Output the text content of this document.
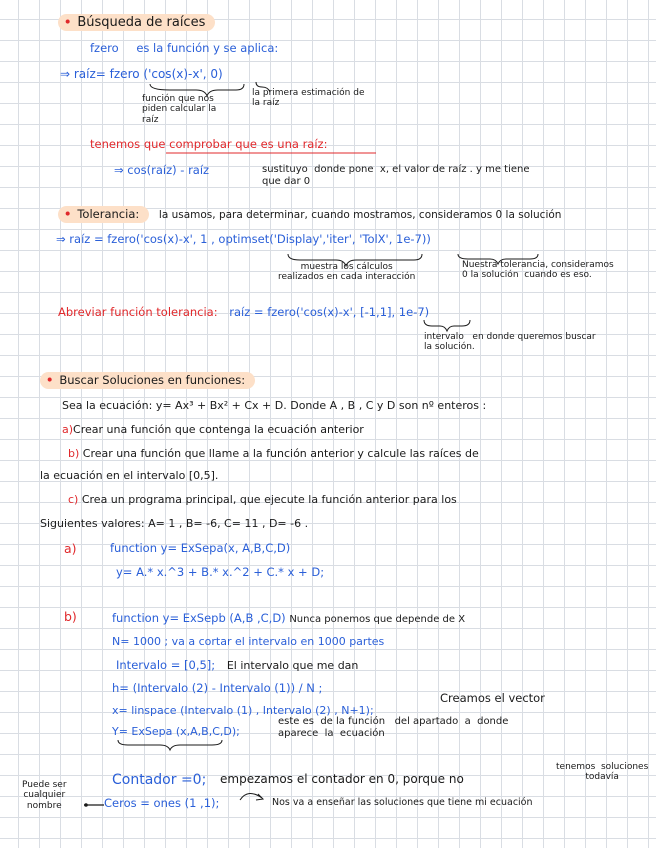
• Búsqueda de raíces
fzero es la función y se aplica:
⇒ raíz= fzero ('cos(x)-x', 0)
función que nos
piden calcular la
raíz
la primera estimación de
la raíz
tenemos que comprobar que es una raíz:
⇒ cos(raíz) - raíz	sustituyo  donde pone  x, el valor de raíz . y me tiene
que dar 0
• Tolerancia: la usamos, para determinar, cuando mostramos, consideramos 0 la solución
⇒ raíz = fzero('cos(x)-x', 1 , optimset('Display','iter', 'TolX', 1e-7))
muestra los cálculos
realizados en cada interacción
Nuestra tolerancia, consideramos
0 la solución  cuando es eso.
Abreviar función tolerancia: raíz = fzero('cos(x)-x', [-1,1], 1e-7)
intervalo   en donde queremos buscar
la solución.
• Buscar Soluciones en funciones:
Sea la ecuación: y= Ax³ + Bx² + Cx + D. Donde A , B , C y D son nº enteros :
a)Crear una función que contenga la ecuación anterior
b) Crear una función que llame a la función anterior y calcule las raíces de
la ecuación en el intervalo [0,5].
c) Crea un programa principal, que ejecute la función anterior para los
Siguientes valores: A= 1 , B= -6, C= 11 , D= -6 .
a)	function y= ExSepa(x, A,B,C,D)
y= A.* x.^3 + B.* x.^2 + C.* x + D;
b)	function y= ExSepb (A,B ,C,D) Nunca ponemos que depende de X
N= 1000 ; va a cortar el intervalo en 1000 partes
Intervalo = [0,5]; El intervalo que me dan
h= (Intervalo (2) - Intervalo (1)) / N ;
x= linspace (Intervalo (1) , Intervalo (2) , N+1);
Creamos el vector
Y= ExSepa (x,A,B,C,D);
este es  de la función   del apartado  a  donde
aparece  la  ecuación
Contador =0; empezamos el contador en 0, porque no
tenemos  soluciones
todavía
Ceros = ones (1 ,1);	Nos va a enseñar las soluciones que tiene mi ecuación
Puede ser
cualquier
nombre
